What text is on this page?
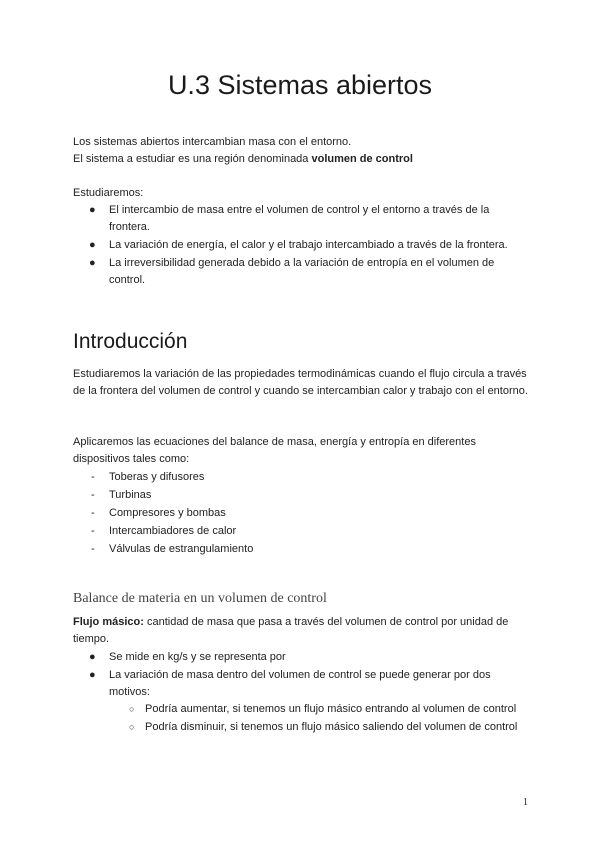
U.3 Sistemas abiertos

Los sistemas abiertos intercambian masa con el entorno.

El sistema a estudiar es una región denominada volumen de control

Estudiaremos:

● El intercambio de masa entre el volumen de control y el entorno a través de la frontera.
● La variación de energía, el calor y el trabajo intercambiado a través de la frontera.
● La irreversibilidad generada debido a la variación de entropía en el volumen de control.
Introducción

Estudiaremos la variación de las propiedades termodinámicas cuando el flujo circula a través de la frontera del volumen de control y cuando se intercambian calor y trabajo con el entorno.

Aplicaremos las ecuaciones del balance de masa, energía y entropía en diferentes dispositivos tales como:

- Toberas y difusores
- Turbinas
- Compresores y bombas
- Intercambiadores de calor
- Válvulas de estrangulamiento
Balance de materia en un volumen de control

Flujo másico: cantidad de masa que pasa a través del volumen de control por unidad de tiempo.

● Se mide en kg/s y se representa por
● La variación de masa dentro del volumen de control se puede generar por dos motivos:
○ Podría aumentar, si tenemos un flujo másico entrando al volumen de control
○ Podría disminuir, si tenemos un flujo másico saliendo del volumen de control
1
